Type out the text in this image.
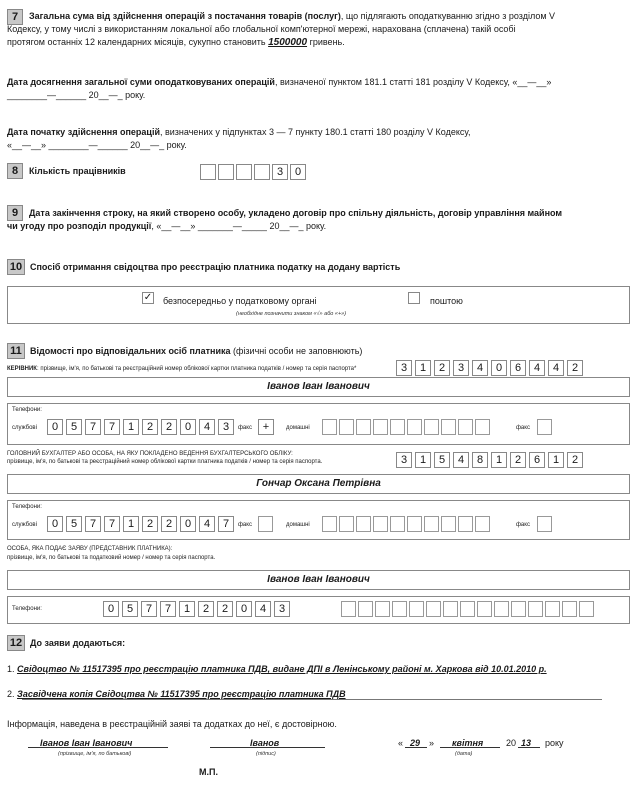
7	Загальна сума від здійснення операцій з постачання товарів (послуг), що підлягають оподаткуванню згідно з розділом V
Кодексу, у тому числі з використанням локальної або глобальної комп'ютерної мережі, нарахована (сплачена) такій особі
протягом останніх 12 календарних місяців, сукупно становить 1500000 гривень.
Дата досягнення загальної суми оподатковуваних операцій, визначеної пунктом 181.1 статті 181 розділу V Кодексу, «__—__»
________—______ 20__—_ року.
Дата початку здійснення операцій, визначених у підпунктах 3 — 7 пункту 180.1 статті 180 розділу V Кодексу,
«__—__» ________—______ 20__—_ року.
8	Кількість працівників	3	0
9	Дата закінчення строку, на який створено особу, укладено договір про спільну діяльність, договір управління майном
чи угоду про розподіл продукції, «__—__» _______—_____ 20__—_ року.
10 Спосіб отримання свідоцтва про реєстрацію платника податку на додану вартість
✓ безпосередньо у податковому органі	поштою
(необхідне позначити знаком «√» або «+»)
11 Відомості про відповідальних осіб платника (фізичні особи не заповнюють)
КЕРІВНИК: прізвище, ім'я, по батькові та реєстраційний номер облікової картки платника податків / номер та серія паспорта*	3	1	2	3	4	0	6	4	4	2
Іванов Іван Іванович
Телефони:
службові	0	5	7	7	1	2	2	0	4	3	факс +	домашні	факс
ГОЛОВНИЙ БУХГАЛТЕР АБО ОСОБА, НА ЯКУ ПОКЛАДЕНО ВЕДЕННЯ БУХГАЛТЕРСЬКОГО ОБЛІКУ:
прізвище, ім'я, по батькові та реєстраційний номер облікової картки платника податків / номер та серія паспорта.	3	1	5	4	8	1	2	6	1	2
Гончар Оксана Петрівна
Телефони:
службові	0	5	7	7	1	2	2	0	4	7	факс	домашні	факс
ОСОБА, ЯКА ПОДАЄ ЗАЯВУ (ПРЕДСТАВНИК ПЛАТНИКА):
прізвище, ім'я, по батькові та податковий номер / номер та серія паспорта.
Іванов Іван Іванович
Телефони:	0	5	7	7	1	2	2	0	4	3
12 До заяви додаються:
1. Свідоцтво № 11517395 про реєстрацію платника ПДВ, видане ДПІ в Ленінському районі м. Харкова від 10.01.2010 р.
2. Засвідчена копія Свідоцтва № 11517395 про реєстрацію платника ПДВ
Інформація, наведена в реєстраційній заяві та додатках до неї, є достовірною.
Іванов Іван Іванович
(прізвище, ім'я, по батькові)
Іванов
(підпис)
« 29 » квітня	20 13 року
(дата)
М.П.
